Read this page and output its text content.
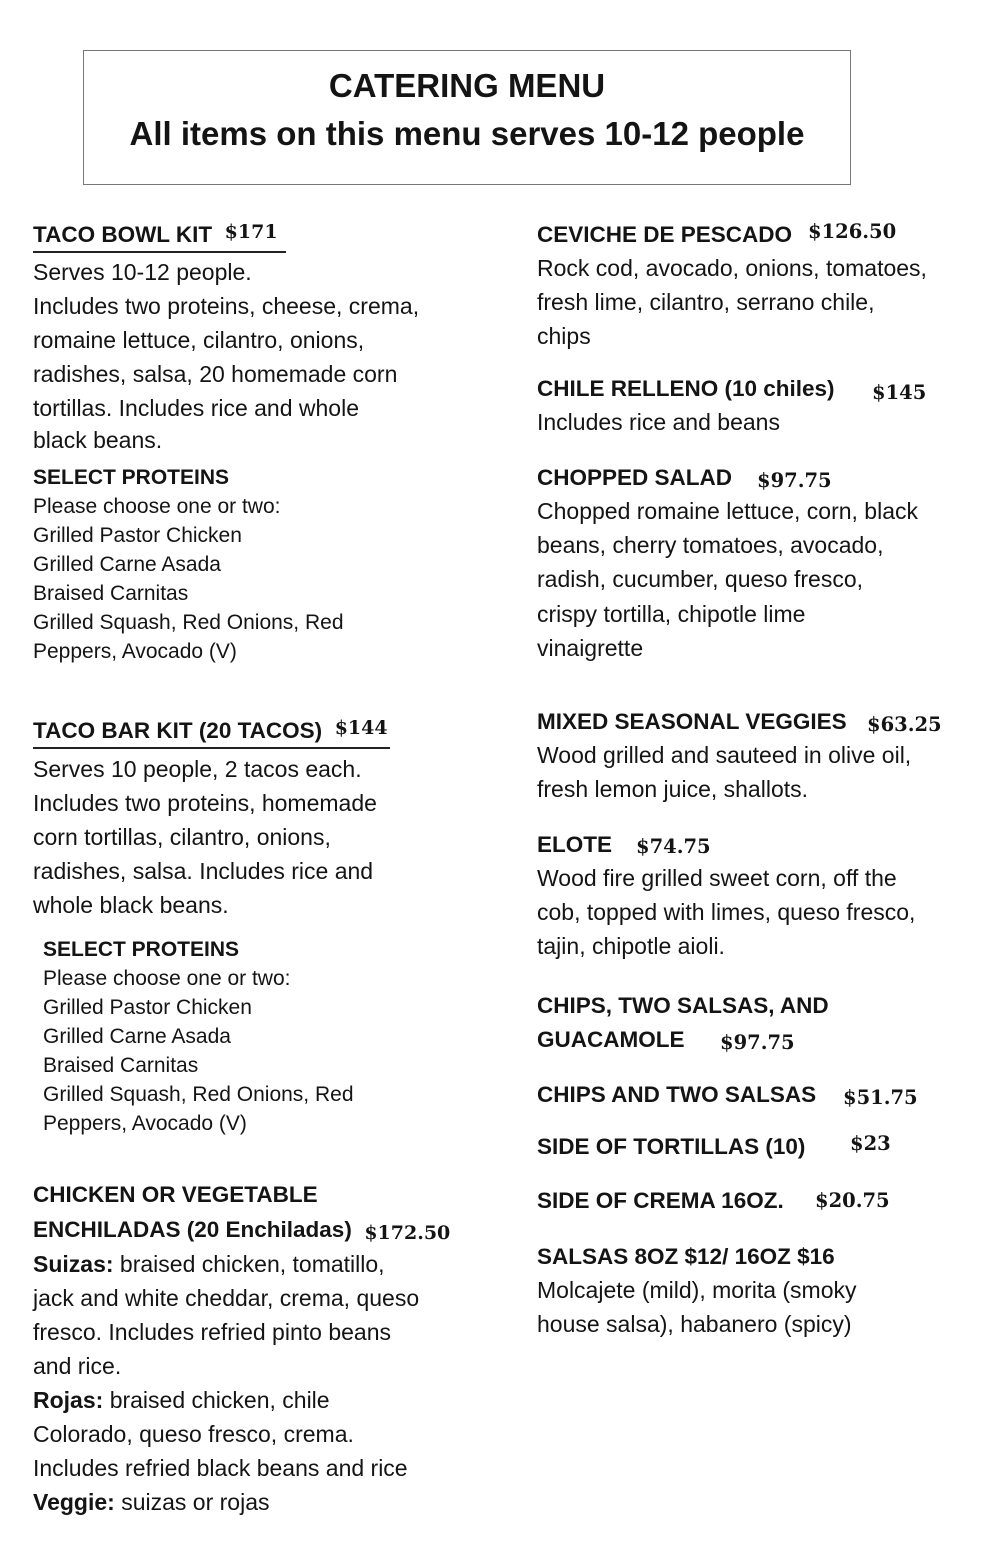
CATERING MENU
All items on this menu serves 10-12 people
TACO BOWL KIT $171
Serves 10-12 people.
Includes two proteins, cheese, crema,
romaine lettuce, cilantro, onions,
radishes, salsa, 20 homemade corn
tortillas. Includes rice and whole
black beans.
SELECT PROTEINS
Please choose one or two:
Grilled Pastor Chicken
Grilled Carne Asada
Braised Carnitas
Grilled Squash, Red Onions, Red
Peppers, Avocado (V)
TACO BAR KIT (20 TACOS) $144
Serves 10 people, 2 tacos each.
Includes two proteins, homemade
corn tortillas, cilantro, onions,
radishes, salsa. Includes rice and
whole black beans.
SELECT PROTEINS
Please choose one or two:
Grilled Pastor Chicken
Grilled Carne Asada
Braised Carnitas
Grilled Squash, Red Onions, Red
Peppers, Avocado (V)
CHICKEN OR VEGETABLE
ENCHILADAS (20 Enchiladas) $172.50
Suizas: braised chicken, tomatillo,
jack and white cheddar, crema, queso
fresco. Includes refried pinto beans
and rice.
Rojas: braised chicken, chile
Colorado, queso fresco, crema.
Includes refried black beans and rice
Veggie: suizas or rojas
CEVICHE DE PESCADO $126.50
Rock cod, avocado, onions, tomatoes,
fresh lime, cilantro, serrano chile,
chips
CHILE RELLENO (10 chiles) $145
Includes rice and beans
CHOPPED SALAD $97.75
Chopped romaine lettuce, corn, black
beans, cherry tomatoes, avocado,
radish, cucumber, queso fresco,
crispy tortilla, chipotle lime
vinaigrette
MIXED SEASONAL VEGGIES $63.25
Wood grilled and sauteed in olive oil,
fresh lemon juice, shallots.
ELOTE $74.75
Wood fire grilled sweet corn, off the
cob, topped with limes, queso fresco,
tajin, chipotle aioli.
CHIPS, TWO SALSAS, AND
GUACAMOLE $97.75
CHIPS AND TWO SALSAS $51.75
SIDE OF TORTILLAS (10) $23
SIDE OF CREMA 16OZ. $20.75
SALSAS 8OZ $12/ 16OZ $16
Molcajete (mild), morita (smoky
house salsa), habanero (spicy)
